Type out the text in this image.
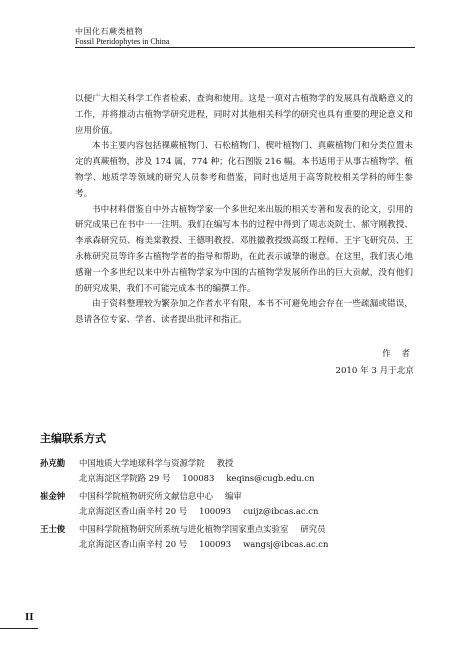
中国化石蕨类植物
Fossil Pteridophytes in China

以便广大相关科学工作者检索、查询和使用。这是一项对古植物学的发展具有战略意义的工作，并将推动古植物学研究进程，同时对其他相关科学的研究也具有重要的理论意义和应用价值。

本书主要内容包括裸蕨植物门、石松植物门、楔叶植物门、真蕨植物门和分类位置未定的真蕨植物，涉及 174 属，774 种；化石图版 216 幅。本书适用于从事古植物学、植物学、地质学等领域的研究人员参考和借鉴，同时也适用于高等院校相关学科的师生参考。

书中材料借鉴自中外古植物学家一个多世纪来出版的相关专著和发表的论文，引用的研究成果已在书中一一注明。我们在编写本书的过程中得到了周志炎院士、郝守刚教授、李承森研究员、梅美棠教授、王德明教授、邓胜徽教授级高级工程师、王宇飞研究员、王永栋研究员等许多古植物学者的指导和帮助，在此表示诚挚的谢意。在这里，我们衷心地感谢一个多世纪以来中外古植物学家为中国的古植物学发展所作出的巨大贡献，没有他们的研究成果，我们不可能完成本书的编撰工作。

由于资料整理较为繁杂加之作者水平有限，本书不可避免地会存在一些疏漏或错误，恳请各位专家、学者、读者提出批评和指正。

作 者
2010 年 3 月于北京
主编联系方式
孙克勤 中国地质大学地球科学与资源学院 教授
北京海淀区学院路 29 号 100083 keqins@cugb.edu.cn
崔金钟 中国科学院植物研究所文献信息中心 编审
北京海淀区香山南辛村 20 号 100093 cuijz@ibcas.ac.cn
王士俊 中国科学院植物研究所系统与进化植物学国家重点实验室 研究员
北京海淀区香山南辛村 20 号 100093 wangsj@ibcas.ac.cn
II
